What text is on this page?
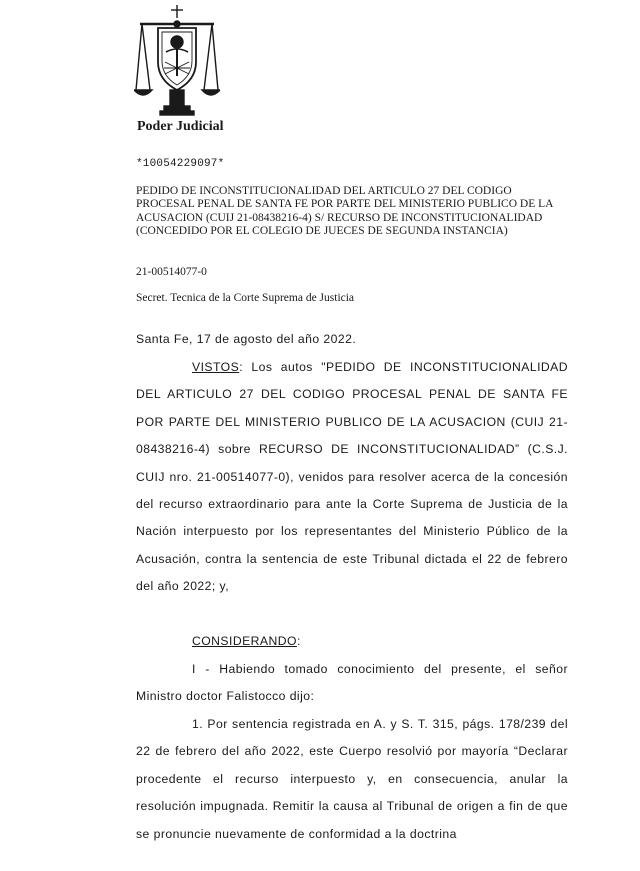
Poder Judicial
*10054229097*

PEDIDO DE INCONSTITUCIONALIDAD DEL ARTICULO 27 DEL CODIGO PROCESAL PENAL DE SANTA FE POR PARTE DEL MINISTERIO PUBLICO DE LA ACUSACION (CUIJ 21-08438216-4) S/ RECURSO DE INCONSTITUCIONALIDAD (CONCEDIDO POR EL COLEGIO DE JUECES DE SEGUNDA INSTANCIA)

21-00514077-0
Secret. Tecnica de la Corte Suprema de Justicia

Santa Fe, 17 de agosto del año 2022.

VISTOS: Los autos "PEDIDO DE INCONSTITUCIONALIDAD DEL ARTICULO 27 DEL CODIGO PROCESAL PENAL DE SANTA FE POR PARTE DEL MINISTERIO PUBLICO DE LA ACUSACION (CUIJ 21-08438216-4) sobre RECURSO DE INCONSTITUCIONALIDAD” (C.S.J. CUIJ nro. 21-00514077-0), venidos para resolver acerca de la concesión del recurso extraordinario para ante la Corte Suprema de Justicia de la Nación interpuesto por los representantes del Ministerio Público de la Acusación, contra la sentencia de este Tribunal dictada el 22 de febrero del año 2022; y,

CONSIDERANDO:

I - Habiendo tomado conocimiento del presente, el señor Ministro doctor Falistocco dijo:

1. Por sentencia registrada en A. y S. T. 315, págs. 178/239 del 22 de febrero del año 2022, este Cuerpo resolvió por mayoría “Declarar procedente el recurso interpuesto y, en consecuencia, anular la resolución impugnada. Remitir la causa al Tribunal de origen a fin de que se pronuncie nuevamente de conformidad a la doctrina
